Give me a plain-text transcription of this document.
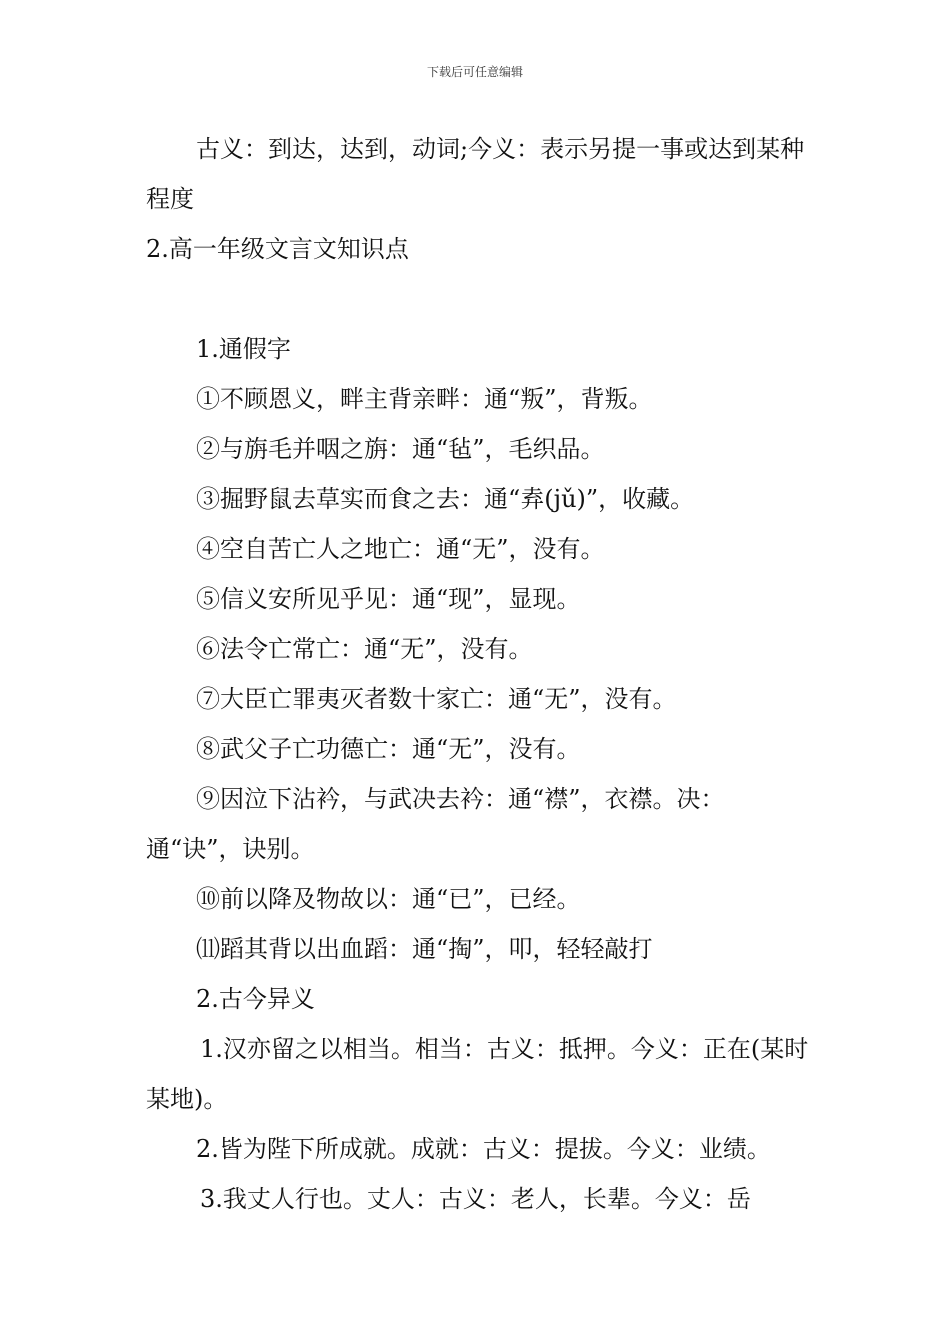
下载后可任意编辑

古义：到达，达到，动词;今义：表示另提一事或达到某种程度

2.高一年级文言文知识点

1.通假字

①不顾恩义，畔主背亲畔：通“叛”，背叛。

②与旃毛并咽之旃：通“毡”，毛织品。

③掘野鼠去草实而食之去：通“弆(jǔ)”，收藏。

④空自苦亡人之地亡：通“无”，没有。

⑤信义安所见乎见：通“现”，显现。

⑥法令亡常亡：通“无”，没有。

⑦大臣亡罪夷灭者数十家亡：通“无”，没有。

⑧武父子亡功德亡：通“无”，没有。

⑨因泣下沾衿，与武决去衿：通“襟”，衣襟。决：通“诀”，诀别。

⑩前以降及物故以：通“已”，已经。

⑾蹈其背以出血蹈：通“掏”，叩，轻轻敲打

2.古今异义

1.汉亦留之以相当。相当：古义：抵押。今义：正在(某时某地)。

2.皆为陛下所成就。成就：古义：提拔。今义：业绩。

3.我丈人行也。丈人：古义：老人，长辈。今义：岳
